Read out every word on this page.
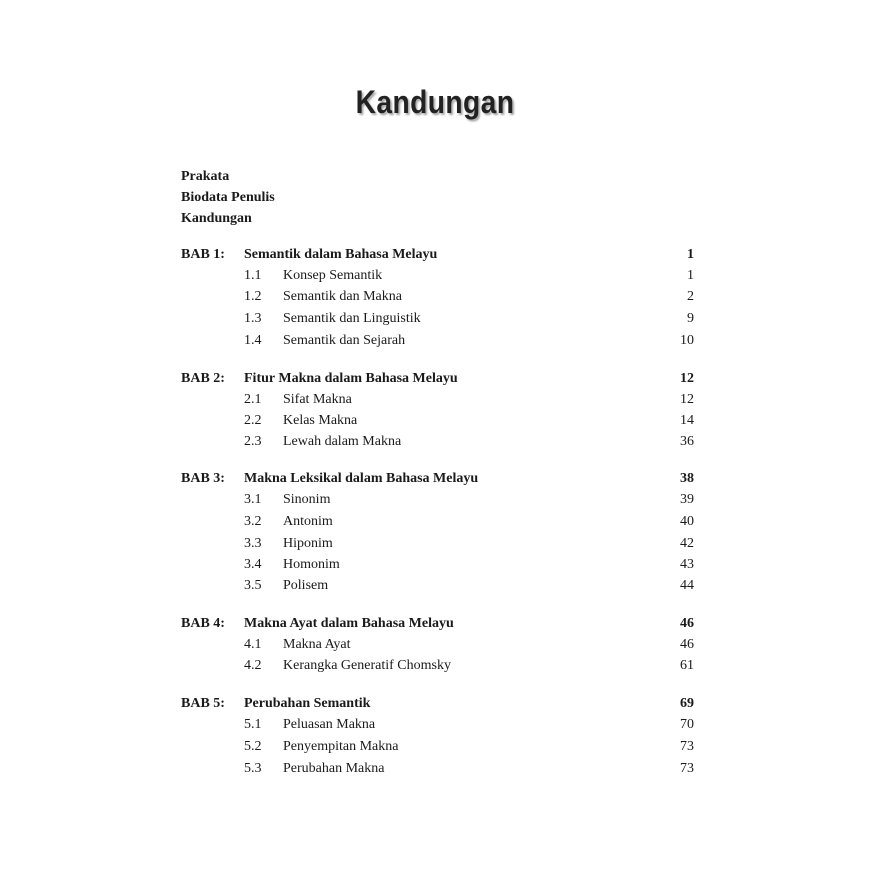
Kandungan
Prakata
Biodata Penulis
Kandungan
BAB 1: Semantik dalam Bahasa Melayu	1
1.1 Konsep Semantik	1
1.2 Semantik dan Makna	2
1.3 Semantik dan Linguistik	9
1.4 Semantik dan Sejarah	10
BAB 2: Fitur Makna dalam Bahasa Melayu	12
2.1 Sifat Makna	12
2.2 Kelas Makna	14
2.3 Lewah dalam Makna	36
BAB 3: Makna Leksikal dalam Bahasa Melayu	38
3.1 Sinonim	39
3.2 Antonim	40
3.3 Hiponim	42
3.4 Homonim	43
3.5 Polisem	44
BAB 4: Makna Ayat dalam Bahasa Melayu	46
4.1 Makna Ayat	46
4.2 Kerangka Generatif Chomsky	61
BAB 5: Perubahan Semantik	69
5.1 Peluasan Makna	70
5.2 Penyempitan Makna	73
5.3 Perubahan Makna	73
